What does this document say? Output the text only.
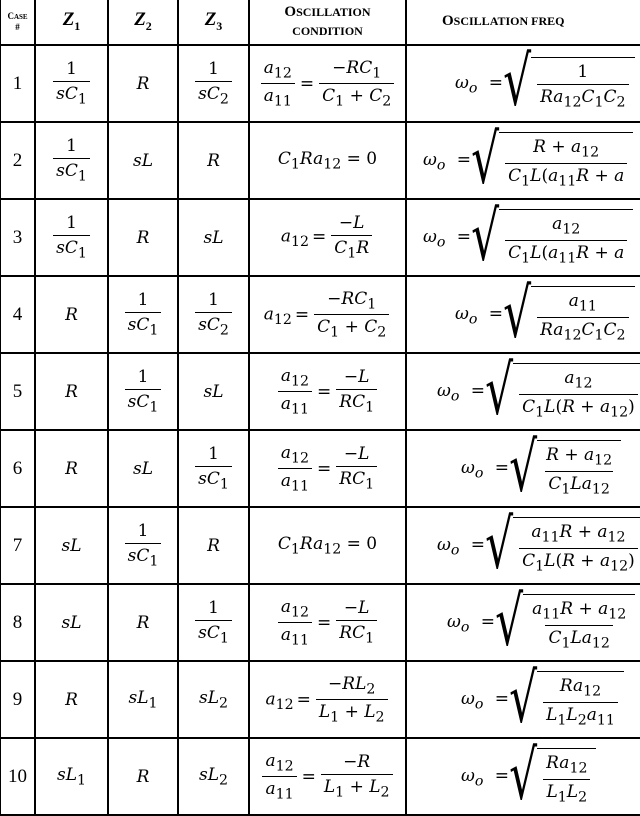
CASE
#	$Z_1$	$Z_2$	$Z_3$	OSCILLATION
CONDITION	OSCILLATION FREQ

1	$\frac{1}{sC_1}$	R	$\frac{1}{sC_2}$	$\frac{a_{12}}{a_{11}} = \frac{-RC_1}{C_1 + C_2}$	$\omega_o$ = √ 1
$Ra_{12}C_1C_2$

2	$\frac{1}{sC_1}$	sL	R	$C_1Ra_{12} = 0$	$\omega_o$ = √ $R + a_{12}$
$C_1L(a_{11}R + a$

3	$\frac{1}{sC_1}$	R	sL	$a_{12} = \frac{-L}{C_1R}$	$\omega_o$ = √ $a_{12}$
$C_1L(a_{11}R + a$

4	R	$\frac{1}{sC_1}$	$\frac{1}{sC_2}$	$a_{12} = \frac{-RC_1}{C_1 + C_2}$	$\omega_o$ = √ $a_{11}$
$Ra_{12}C_1C_2$

5	R	$\frac{1}{sC_1}$	sL	$\frac{a_{12}}{a_{11}} = \frac{-L}{RC_1}$	$\omega_o$ = √ $a_{12}$
$C_1L(R + a_{12})$

6	R	sL	$\frac{1}{sC_1}$	$\frac{a_{12}}{a_{11}} = \frac{-L}{RC_1}$	$\omega_o$ = √ $R + a_{12}$
$C_1La_{12}$

7	sL	$\frac{1}{sC_1}$	R	$C_1Ra_{12} = 0$	$\omega_o$ = √ $a_{11}R + a_{12}$
$C_1L(R + a_{12})$

8	sL	R	$\frac{1}{sC_1}$	$\frac{a_{12}}{a_{11}} = \frac{-L}{RC_1}$	$\omega_o$ = √ $a_{11}R + a_{12}$
$C_1La_{12}$

9	R	$sL_1$	$sL_2$	$a_{12} = \frac{-RL_2}{L_1 + L_2}$	$\omega_o$ = √ $Ra_{12}$
$L_1L_2a_{11}$

10	$sL_1$	R	$sL_2$	$\frac{a_{12}}{a_{11}} = \frac{-R}{L_1 + L_2}$	$\omega_o$ = √ $Ra_{12}$
$L_1L_2$
